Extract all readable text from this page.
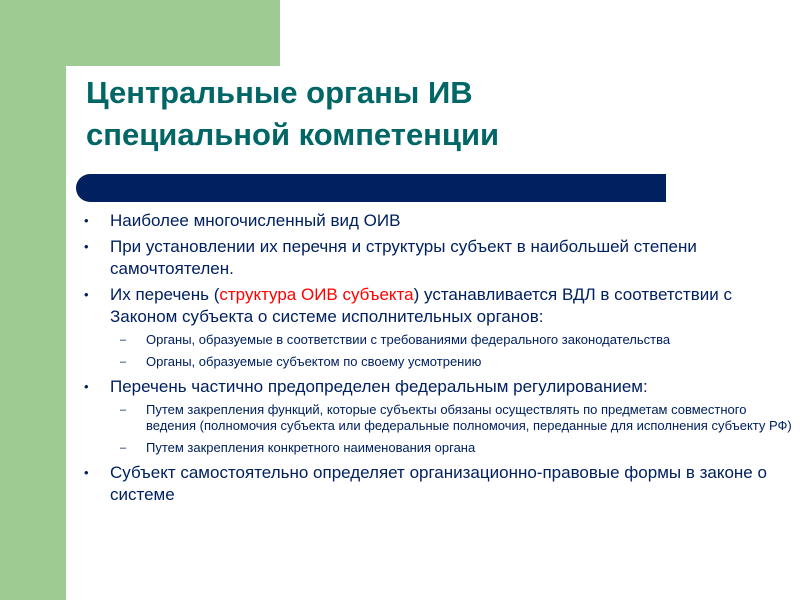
Центральные органы ИВ
специальной компетенции
• Наиболее многочисленный вид ОИВ
• При установлении их перечня и структуры субъект в наибольшей степени самочтоятелен.
• Их перечень (структура ОИВ субъекта) устанавливается ВДЛ в соответствии с Законом субъекта о системе исполнительных органов:
– Органы, образуемые в соответствии с требованиями федерального законодательства
– Органы, образуемые субъектом по своему усмотрению
• Перечень частично предопределен федеральным регулированием:
– Путем закрепления функций, которые субъекты обязаны осуществлять по предметам совместного ведения (полномочия субъекта или федеральные полномочия, переданные для исполнения субъекту РФ)
– Путем закрепления конкретного наименования органа
• Субъект самостоятельно определяет организационно-правовые формы в законе о системе
